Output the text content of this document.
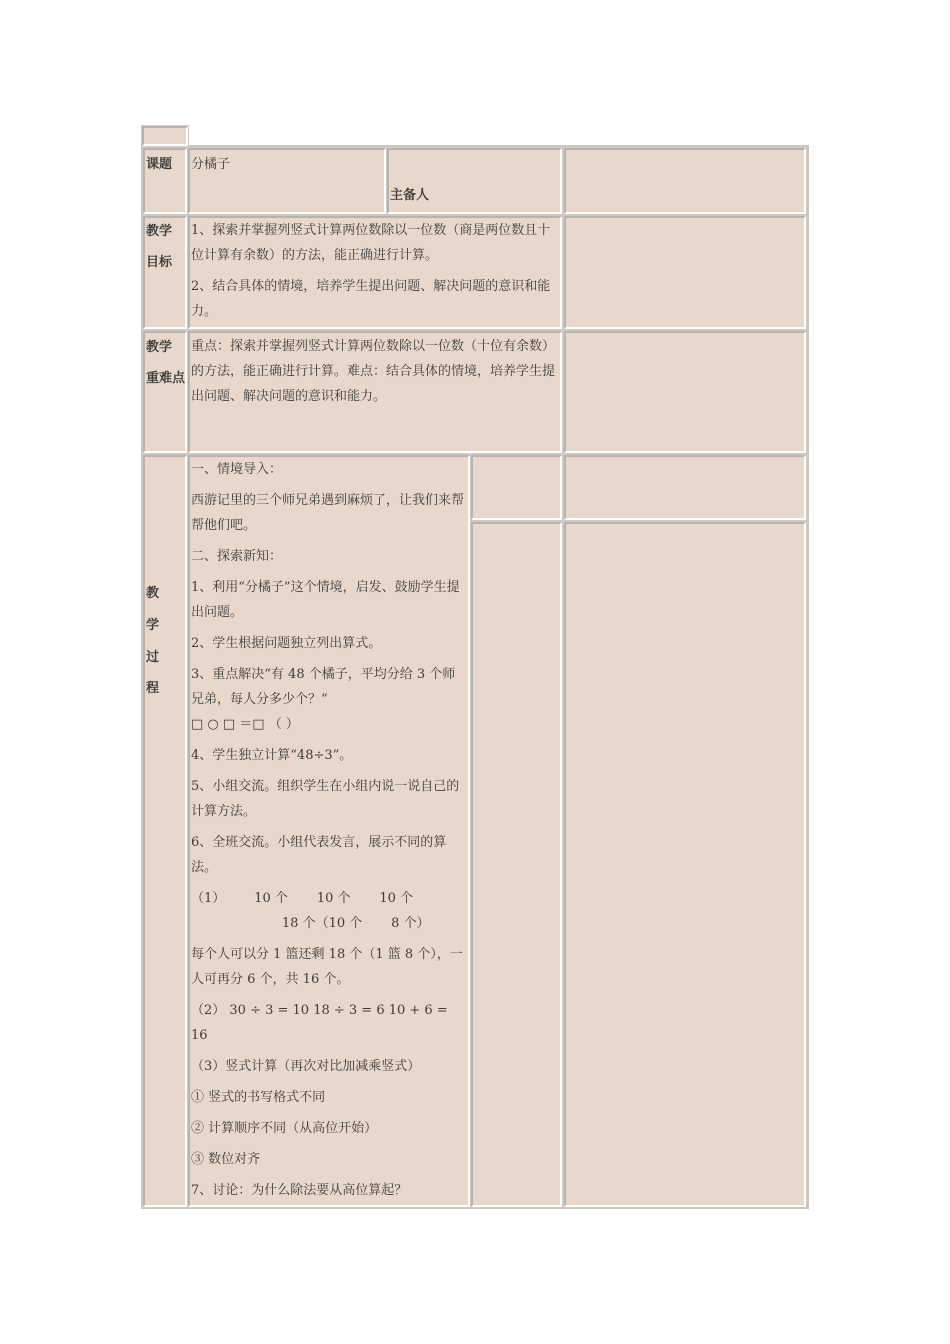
课题 分橘子
主备人
教学
目标

1、探索并掌握列竖式计算两位数除以一位数（商是两位数且十位计算有余数）的方法，能正确进行计算。

2、结合具体的情境，培养学生提出问题、解决问题的意识和能力。

教学
重难点

重点：探索并掌握列竖式计算两位数除以一位数（十位有余数）的方法，能正确进行计算。难点：结合具体的情境，培养学生提出问题、解决问题的意识和能力。

教
学
过
程

一、情境导入：

西游记里的三个师兄弟遇到麻烦了，让我们来帮帮他们吧。

二、探索新知：

1、利用“分橘子”这个情境，启发、鼓励学生提出问题。

2、学生根据问题独立列出算式。

3、重点解决“有 48 个橘子，平均分给 3 个师兄弟，每人分多少个？”

□ ○ □ ＝□ （ ）

4、学生独立计算“48÷3”。

5、小组交流。组织学生在小组内说一说自己的计算方法。

6、全班交流。小组代表发言，展示不同的算法。

（1）       10 个       10 个       10 个

18 个（10 个       8 个）

每个人可以分 1 篮还剩 18 个（1 篮 8 个），一人可再分 6 个，共 16 个。

（2） 30 ÷ 3 = 10 18 ÷ 3 = 6 10 + 6 = 16

（3）竖式计算（再次对比加减乘竖式）

① 竖式的书写格式不同

② 计算顺序不同（从高位开始）

③ 数位对齐

7、讨论：为什么除法要从高位算起？
